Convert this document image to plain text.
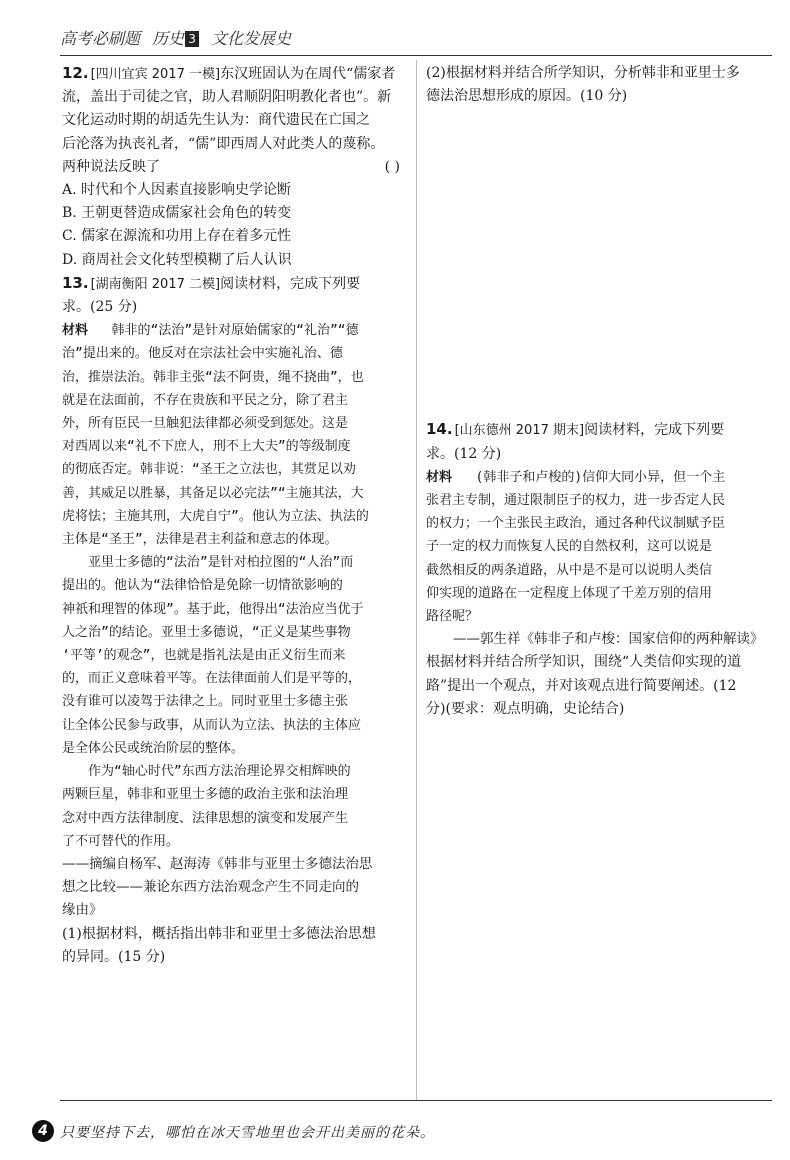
高考必刷题 历史 3 文化发展史
12. [四川宜宾 2017 一模]东汉班固认为在周代“儒家者
流，盖出于司徒之官，助人君顺阴阳明教化者也”。新
文化运动时期的胡适先生认为：商代遗民在亡国之
后沦落为执丧礼者，“儒”即西周人对此类人的蔑称。
两种说法反映了	( )
A. 时代和个人因素直接影响史学论断
B. 王朝更替造成儒家社会角色的转变
C. 儒家在源流和功用上存在着多元性
D. 商周社会文化转型模糊了后人认识
13. [湖南衡阳 2017 二模]阅读材料，完成下列要
求。(25 分)
材料 韩非的“法治”是针对原始儒家的“礼治”“德
治”提出来的。他反对在宗法社会中实施礼治、德
治，推崇法治。韩非主张“法不阿贵，绳不挠曲”，也
就是在法面前，不存在贵族和平民之分，除了君主
外，所有臣民一旦触犯法律都必须受到惩处。这是
对西周以来“礼不下庶人，刑不上大夫”的等级制度
的彻底否定。韩非说：“圣王之立法也，其赏足以劝
善，其威足以胜暴，其备足以必完法”“主施其法，大
虎将怯；主施其刑，大虎自宁”。他认为立法、执法的
主体是“圣王”，法律是君主利益和意志的体现。
亚里士多德的“法治”是针对柏拉图的“人治”而
提出的。他认为“法律恰恰是免除一切情欲影响的
神祇和理智的体现”。基于此，他得出“法治应当优于
人之治”的结论。亚里士多德说，“正义是某些事物
‘平等’的观念”，也就是指礼法是由正义衍生而来
的，而正义意味着平等。在法律面前人们是平等的，
没有谁可以凌驾于法律之上。同时亚里士多德主张
让全体公民参与政事，从而认为立法、执法的主体应
是全体公民或统治阶层的整体。
作为“轴心时代”东西方法治理论界交相辉映的
两颗巨星，韩非和亚里士多德的政治主张和法治理
念对中西方法律制度、法律思想的演变和发展产生
了不可替代的作用。
——摘编自杨军、赵海涛《韩非与亚里士多德法治思
想之比较——兼论东西方法治观念产生不同走向的
缘由》
(1)根据材料，概括指出韩非和亚里士多德法治思想
的异同。(15 分)
(2)根据材料并结合所学知识，分析韩非和亚里士多
德法治思想形成的原因。(10 分)
14. [山东德州 2017 期末]阅读材料，完成下列要
求。(12 分)
材料 (韩非子和卢梭的)信仰大同小异，但一个主
张君主专制，通过限制臣子的权力，进一步否定人民
的权力；一个主张民主政治，通过各种代议制赋予臣
子一定的权力而恢复人民的自然权利，这可以说是
截然相反的两条道路，从中是不是可以说明人类信
仰实现的道路在一定程度上体现了千差万别的信用
路径呢？
——郭生祥《韩非子和卢梭：国家信仰的两种解读》
根据材料并结合所学知识，围绕“人类信仰实现的道
路”提出一个观点，并对该观点进行简要阐述。(12
分)(要求：观点明确，史论结合)
4 只要坚持下去，哪怕在冰天雪地里也会开出美丽的花朵。
